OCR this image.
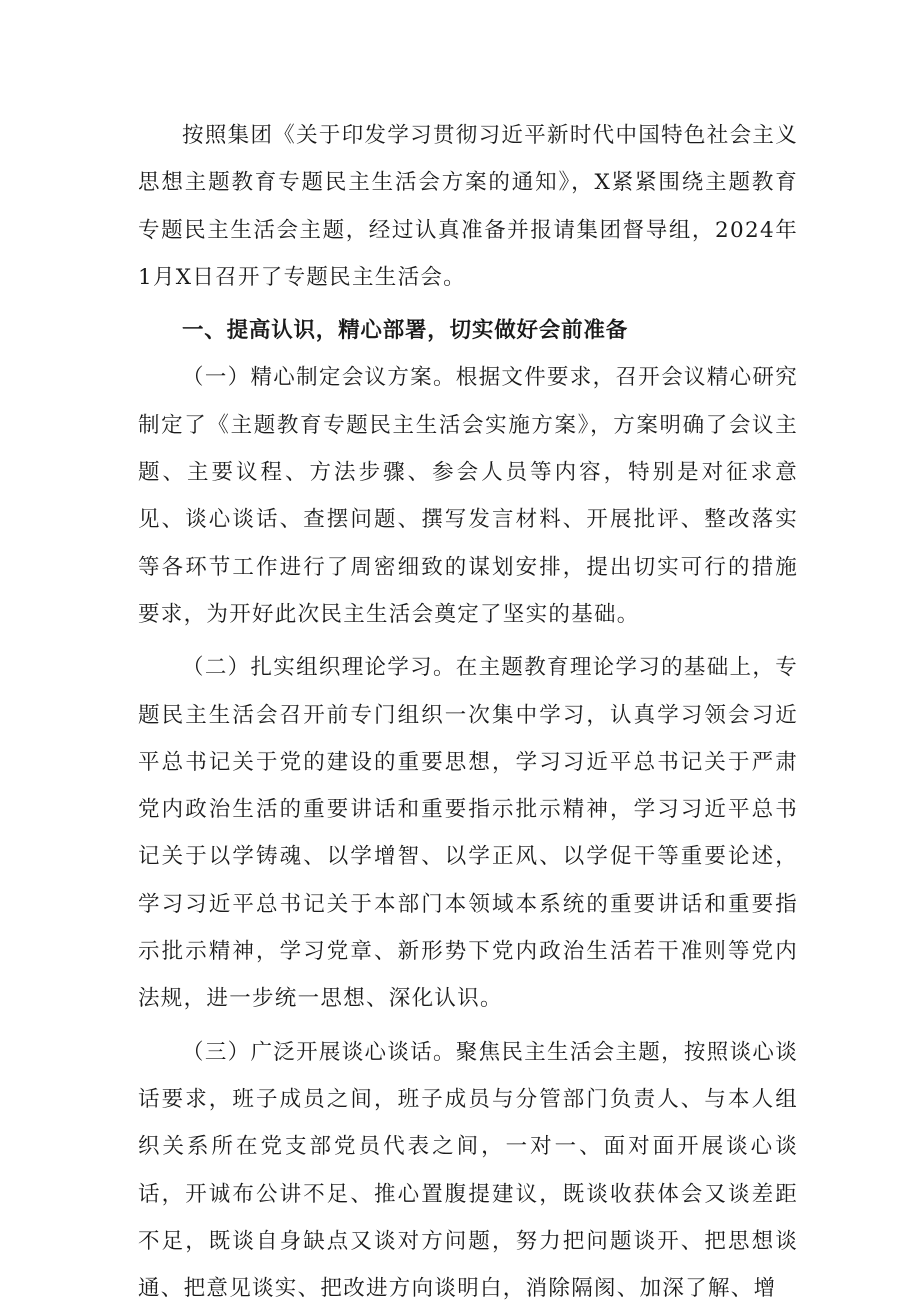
按照集团《关于印发学习贯彻习近平新时代中国特色社会主义思想主题教育专题民主生活会方案的通知》，X紧紧围绕主题教育专题民主生活会主题，经过认真准备并报请集团督导组，2024年1月X日召开了专题民主生活会。

一、提高认识，精心部署，切实做好会前准备

（一）精心制定会议方案。根据文件要求，召开会议精心研究制定了《主题教育专题民主生活会实施方案》，方案明确了会议主题、主要议程、方法步骤、参会人员等内容，特别是对征求意见、谈心谈话、查摆问题、撰写发言材料、开展批评、整改落实等各环节工作进行了周密细致的谋划安排，提出切实可行的措施要求，为开好此次民主生活会奠定了坚实的基础。

（二）扎实组织理论学习。在主题教育理论学习的基础上，专题民主生活会召开前专门组织一次集中学习，认真学习领会习近平总书记关于党的建设的重要思想，学习习近平总书记关于严肃党内政治生活的重要讲话和重要指示批示精神，学习习近平总书记关于以学铸魂、以学增智、以学正风、以学促干等重要论述，学习习近平总书记关于本部门本领域本系统的重要讲话和重要指示批示精神，学习党章、新形势下党内政治生活若干准则等党内法规，进一步统一思想、深化认识。

（三）广泛开展谈心谈话。聚焦民主生活会主题，按照谈心谈话要求，班子成员之间，班子成员与分管部门负责人、与本人组织关系所在党支部党员代表之间，一对一、面对面开展谈心谈话，开诚布公讲不足、推心置腹提建议，既谈收获体会又谈差距不足，既谈自身缺点又谈对方问题，努力把问题谈开、把思想谈通、把意见谈实、把改进方向谈明白，消除隔阂、加深了解、增
